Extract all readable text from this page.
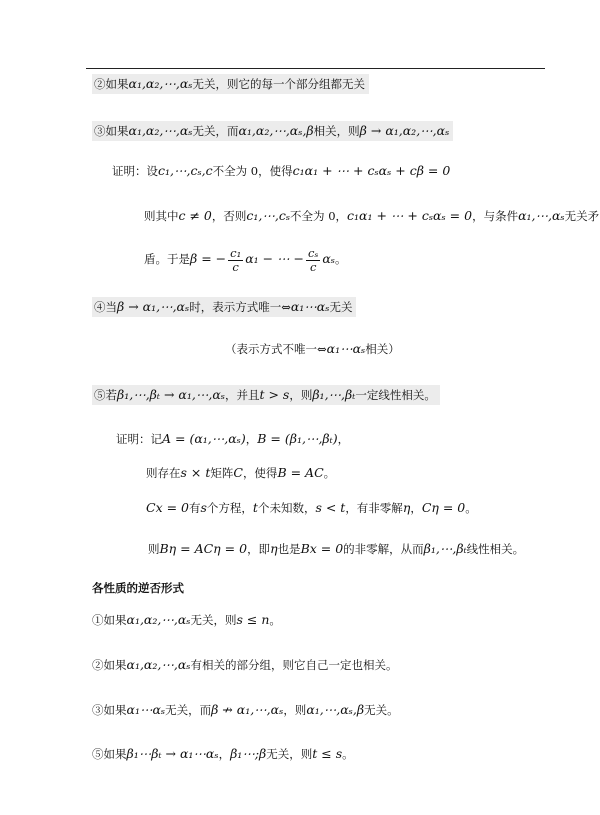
②如果α₁,α₂,⋯,αₛ无关，则它的每一个部分组都无关
③如果α₁,α₂,⋯,αₛ无关，而α₁,α₂,⋯,αₛ,β相关，则β → α₁,α₂,⋯,αₛ
证明：设c₁,⋯,cₛ,c不全为 0，使得c₁α₁ + ⋯ + cₛαₛ + cβ = 0
则其中c ≠ 0，否则c₁,⋯,cₛ不全为 0，c₁α₁ + ⋯ + cₛαₛ = 0，与条件α₁,⋯,αₛ无关矛
盾。于是β = − $\frac{\text{c₁}}{c} \alpha_1$ − ⋯ − $\frac{\text{cₛ}}{c}$ αₛ。
④当β → α₁,⋯,αₛ时，表示方式唯一⇔α₁⋯αₛ无关
（表示方式不唯一⇔α₁⋯αₛ相关）
⑤若β₁,⋯,βₜ → α₁,⋯,αₛ，并且t > s，则β₁,⋯,βₜ一定线性相关。
证明：记A = (α₁,⋯,αₛ)，B = (β₁,⋯,βₜ)，
则存在s × t矩阵C，使得B = AC。
Cx = 0有s个方程，t个未知数，s < t，有非零解η，Cη = 0。
则Bη = ACη = 0，即η也是Bx = 0的非零解，从而β₁,⋯,βₜ线性相关。
各性质的逆否形式
①如果α₁,α₂,⋯,αₛ无关，则s ≤ n。
②如果α₁,α₂,⋯,αₛ有相关的部分组，则它自己一定也相关。
③如果α₁⋯αₛ无关，而β ↛ α₁,⋯,αₛ，则α₁,⋯,αₛ,β无关。
⑤如果β₁⋯βₜ → α₁⋯αₛ，β₁⋯;β无关，则t ≤ s。
